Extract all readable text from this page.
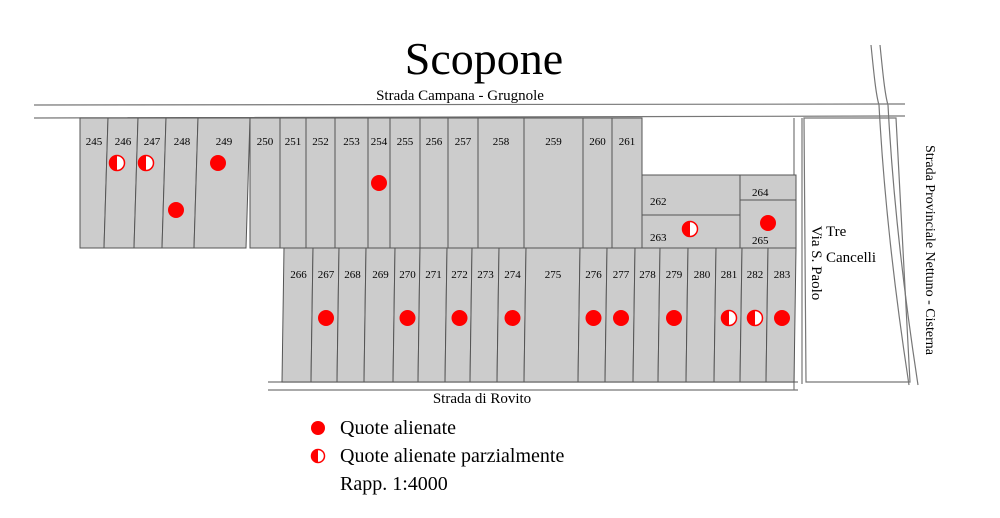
Scopone
Strada Campana - Grugnole
Strada di Rovito
Via S. Paolo	Strada Provinciale Nettuno - Cisterna
Tre
Cancelli
245 246 247 248 249 250 251 252 253 254 255 256 257 258	259	260 261
262
263
264
265
266 267 268 269 270 271 272 273 274 275 276 277 278 279 280 281 282 283
Quote alienate
Quote alienate parzialmente
Rapp. 1:4000
